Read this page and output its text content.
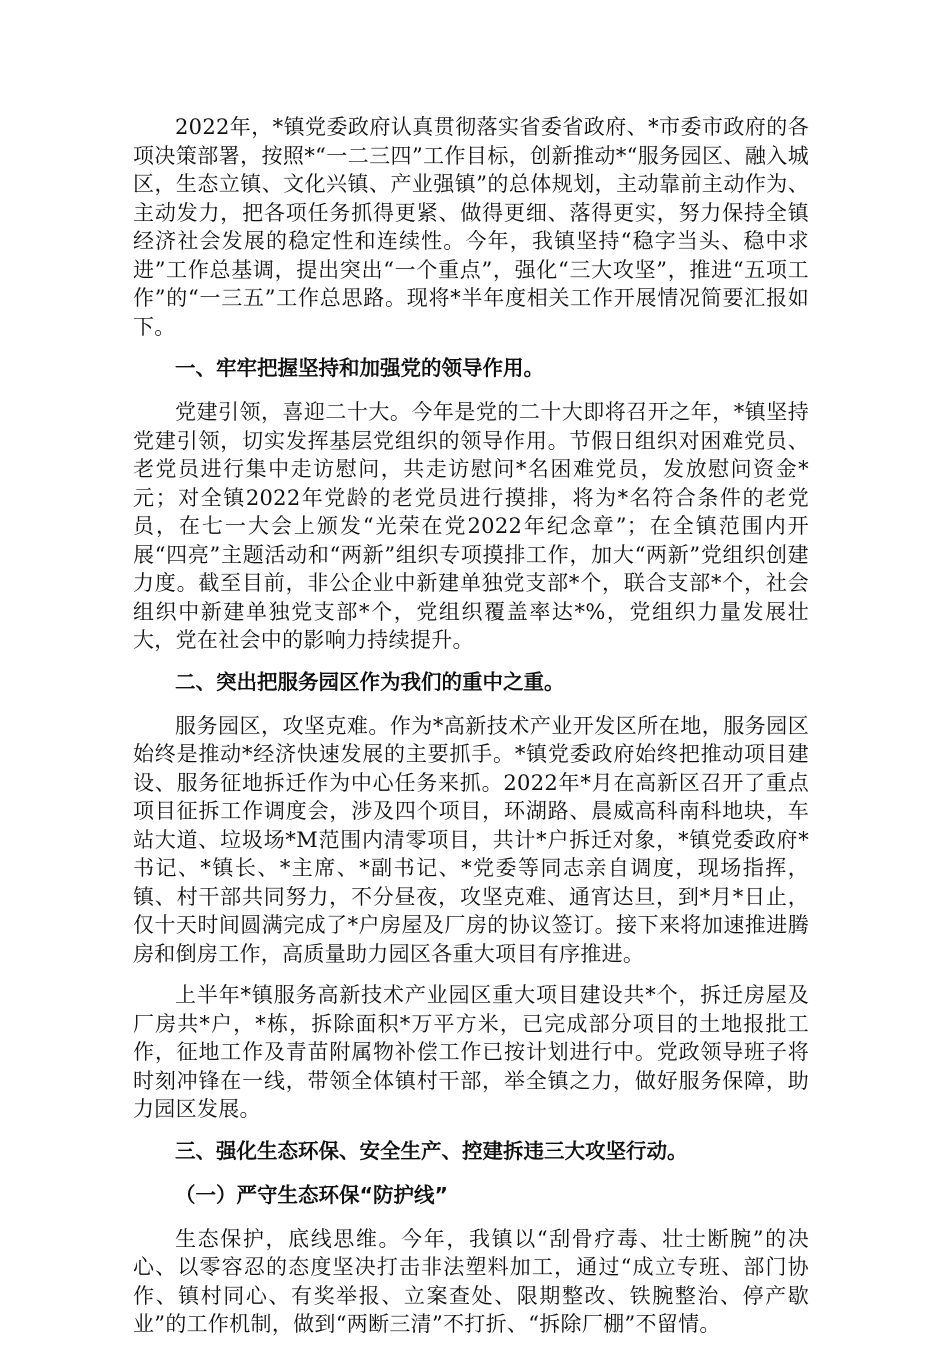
2022年，*镇党委政府认真贯彻落实省委省政府、*市委市政府的各项决策部署，按照*“一二三四”工作目标，创新推动*“服务园区、融入城区，生态立镇、文化兴镇、产业强镇”的总体规划，主动靠前主动作为、主动发力，把各项任务抓得更紧、做得更细、落得更实，努力保持全镇经济社会发展的稳定性和连续性。今年，我镇坚持“稳字当头、稳中求进”工作总基调，提出突出“一个重点”，强化“三大攻坚”，推进“五项工作”的“一三五”工作总思路。现将*半年度相关工作开展情况简要汇报如下。

一、牢牢把握坚持和加强党的领导作用。

党建引领，喜迎二十大。今年是党的二十大即将召开之年，*镇坚持党建引领，切实发挥基层党组织的领导作用。节假日组织对困难党员、老党员进行集中走访慰问，共走访慰问*名困难党员，发放慰问资金*元；对全镇2022年党龄的老党员进行摸排，将为*名符合条件的老党员，在七一大会上颁发“光荣在党2022年纪念章”；在全镇范围内开展“四亮”主题活动和“两新”组织专项摸排工作，加大“两新”党组织创建力度。截至目前，非公企业中新建单独党支部*个，联合支部*个，社会组织中新建单独党支部*个，党组织覆盖率达*%，党组织力量发展壮大，党在社会中的影响力持续提升。

二、突出把服务园区作为我们的重中之重。

服务园区，攻坚克难。作为*高新技术产业开发区所在地，服务园区始终是推动*经济快速发展的主要抓手。*镇党委政府始终把推动项目建设、服务征地拆迁作为中心任务来抓。2022年*月在高新区召开了重点项目征拆工作调度会，涉及四个项目，环湖路、晨威高科南科地块，车站大道、垃圾场*M范围内清零项目，共计*户拆迁对象，*镇党委政府*书记、*镇长、*主席、*副书记、*党委等同志亲自调度，现场指挥，镇、村干部共同努力，不分昼夜，攻坚克难、通宵达旦，到*月*日止，仅十天时间圆满完成了*户房屋及厂房的协议签订。接下来将加速推进腾房和倒房工作，高质量助力园区各重大项目有序推进。

上半年*镇服务高新技术产业园区重大项目建设共*个，拆迁房屋及厂房共*户，*栋，拆除面积*万平方米，已完成部分项目的土地报批工作，征地工作及青苗附属物补偿工作已按计划进行中。党政领导班子将时刻冲锋在一线，带领全体镇村干部，举全镇之力，做好服务保障，助力园区发展。

三、强化生态环保、安全生产、控建拆违三大攻坚行动。

（一）严守生态环保“防护线”

生态保护，底线思维。今年，我镇以“刮骨疗毒、壮士断腕”的决心、以零容忍的态度坚决打击非法塑料加工，通过“成立专班、部门协作、镇村同心、有奖举报、立案查处、限期整改、铁腕整治、停产歇业”的工作机制，做到“两断三清”不打折、“拆除厂棚”不留情。
